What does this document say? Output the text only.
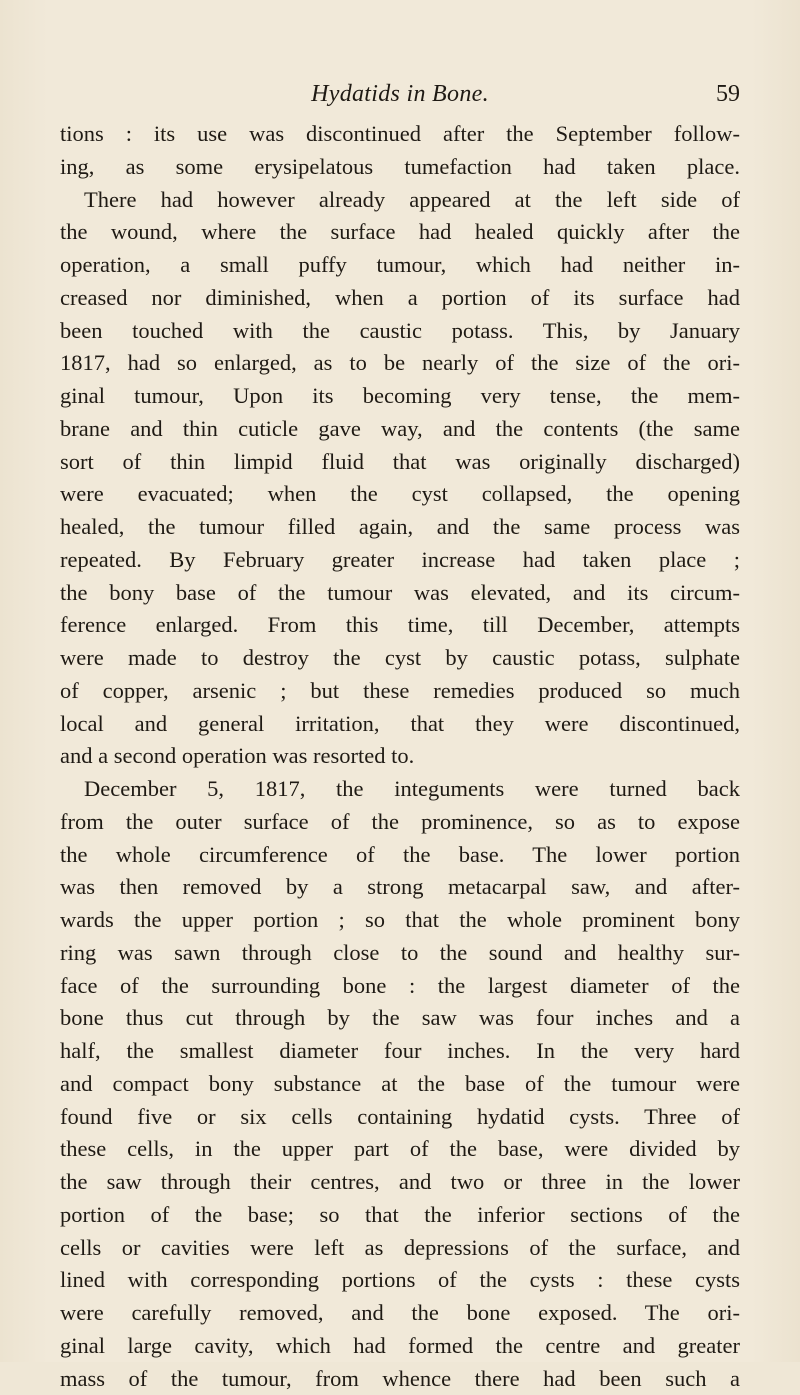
Hydatids in Bone.	59
tions : its use was discontinued after the September follow-
ing, as some erysipelatous tumefaction had taken place.
There had however already appeared at the left side of
the wound, where the surface had healed quickly after the
operation, a small puffy tumour, which had neither in-
creased nor diminished, when a portion of its surface had
been touched with the caustic potass. This, by January
1817, had so enlarged, as to be nearly of the size of the ori-
ginal tumour, Upon its becoming very tense, the mem-
brane and thin cuticle gave way, and the contents (the same
sort of thin limpid fluid that was originally discharged)
were evacuated; when the cyst collapsed, the opening
healed, the tumour filled again, and the same process was
repeated. By February greater increase had taken place ;
the bony base of the tumour was elevated, and its circum-
ference enlarged. From this time, till December, attempts
were made to destroy the cyst by caustic potass, sulphate
of copper, arsenic ; but these remedies produced so much
local and general irritation, that they were discontinued,
and a second operation was resorted to.
December 5, 1817, the integuments were turned back
from the outer surface of the prominence, so as to expose
the whole circumference of the base. The lower portion
was then removed by a strong metacarpal saw, and after-
wards the upper portion ; so that the whole prominent bony
ring was sawn through close to the sound and healthy sur-
face of the surrounding bone : the largest diameter of the
bone thus cut through by the saw was four inches and a
half, the smallest diameter four inches. In the very hard
and compact bony substance at the base of the tumour were
found five or six cells containing hydatid cysts. Three of
these cells, in the upper part of the base, were divided by
the saw through their centres, and two or three in the lower
portion of the base; so that the inferior sections of the
cells or cavities were left as depressions of the surface, and
lined with corresponding portions of the cysts : these cysts
were carefully removed, and the bone exposed. The ori-
ginal large cavity, which had formed the centre and greater
mass of the tumour, from whence there had been such a
